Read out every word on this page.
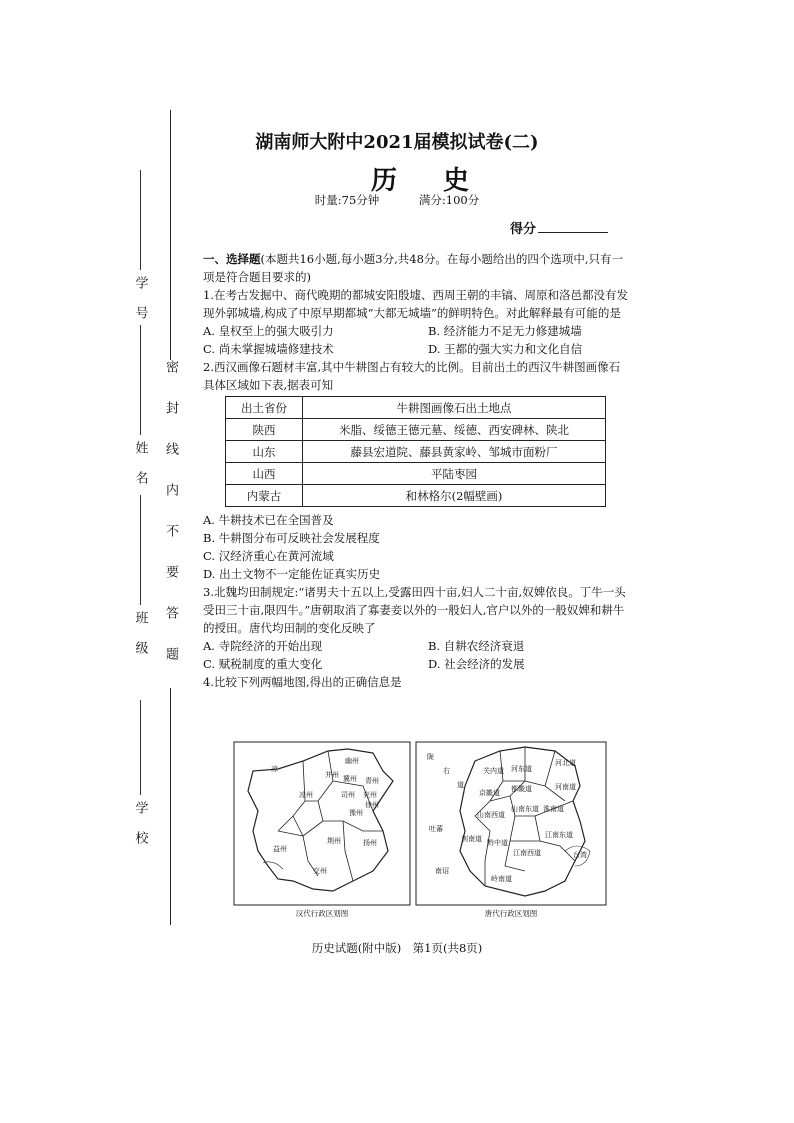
学　号
姓　名
班　级
学　校
密封线内不要答题
湖南师大附中2021届模拟试卷(二)
历史
时量:75分钟	满分:100分
得分

一、选择题(本题共16小题,每小题3分,共48分。在每小题给出的四个选项中,只有一项是符合题目要求的)

1.在考古发掘中、商代晚期的都城安阳殷墟、西周王朝的丰镐、周原和洛邑都没有发现外郭城墙,构成了中原早期都城“大都无城墙”的鲜明特色。对此解释最有可能的是

A. 皇权至上的强大吸引力	B. 经济能力不足无力修建城墙
C. 尚未掌握城墙修建技术	D. 王都的强大实力和文化自信

2.西汉画像石题材丰富,其中牛耕图占有较大的比例。目前出土的西汉牛耕图画像石具体区域如下表,据表可知

出土省份	牛耕图画像石出土地点
陕西	米脂、绥德王德元墓、绥德、西安碑林、陕北
山东	藤县宏道院、藤县黄家岭、邹城市面粉厂
山西	平陆枣园
内蒙古	和林格尔(2幅壁画)
A. 牛耕技术已在全国普及
B. 牛耕图分布可反映社会发展程度
C. 汉经济重心在黄河流域
D. 出土文物不一定能佐证真实历史

3.北魏均田制规定:“诸男夫十五以上,受露田四十亩,妇人二十亩,奴婢依良。丁牛一头受田三十亩,限四牛。”唐朝取消了寡妻妾以外的一般妇人,官户以外的一般奴婢和耕牛的授田。唐代均田制的变化反映了

A. 寺院经济的开始出现	B. 自耕农经济衰退
C. 赋税制度的重大变化	D. 社会经济的发展

4.比较下列两幅地图,得出的正确信息是

凉
幽州
并州 冀州 青州
凉州	司州 兖州
徐州
豫州
益州
荆州	扬州
交州
汉代行政区划图
陇
右
道
吐蕃
关内道 河东道
河北道
河南道
京畿道 都畿道
山南西道
山南东道 淮南道
剑南道 黔中道
江南西道
江南东道
岭南道
南诏
台湾
唐代行政区划图
历史试题(附中版)　第1页(共8页)
